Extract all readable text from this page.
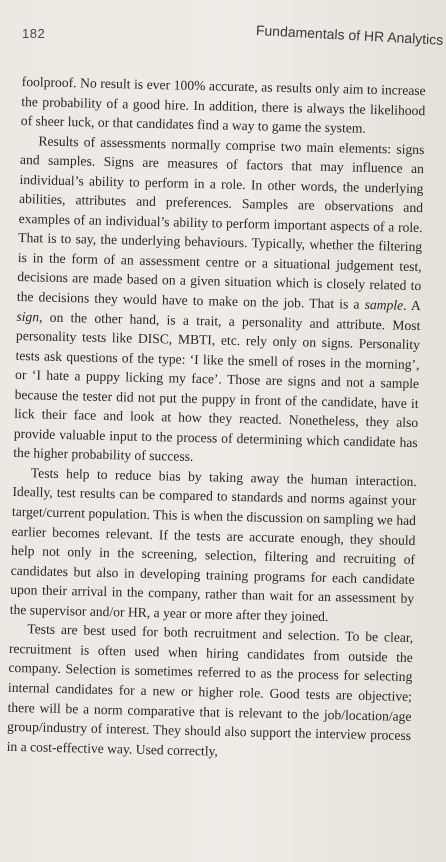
182	Fundamentals of HR Analytics

foolproof. No result is ever 100% accurate, as results only aim to increase the probability of a good hire. In addition, there is always the likelihood of sheer luck, or that candidates find a way to game the system.

Results of assessments normally comprise two main elements: signs and samples. Signs are measures of factors that may influence an individual’s ability to perform in a role. In other words, the underlying abilities, attributes and preferences. Samples are observations and examples of an individual’s ability to perform important aspects of a role. That is to say, the underlying behaviours. Typically, whether the filtering is in the form of an assessment centre or a situational judgement test, decisions are made based on a given situation which is closely related to the decisions they would have to make on the job. That is a sample. A sign, on the other hand, is a trait, a personality and attribute. Most personality tests like DISC, MBTI, etc. rely only on signs. Personality tests ask questions of the type: ‘I like the smell of roses in the morning’, or ‘I hate a puppy licking my face’. Those are signs and not a sample because the tester did not put the puppy in front of the candidate, have it lick their face and look at how they reacted. Nonetheless, they also provide valuable input to the process of determining which candidate has the higher probability of success.

Tests help to reduce bias by taking away the human interaction. Ideally, test results can be compared to standards and norms against your target/current population. This is when the discussion on sampling we had earlier becomes relevant. If the tests are accurate enough, they should help not only in the screening, selection, filtering and recruiting of candidates but also in developing training programs for each candidate upon their arrival in the company, rather than wait for an assessment by the supervisor and/or HR, a year or more after they joined.

Tests are best used for both recruitment and selection. To be clear, recruitment is often used when hiring candidates from outside the company. Selection is sometimes referred to as the process for selecting internal candidates for a new or higher role. Good tests are objective; there will be a norm comparative that is relevant to the job/location/age group/industry of interest. They should also support the interview process in a cost-effective way. Used correctly,
